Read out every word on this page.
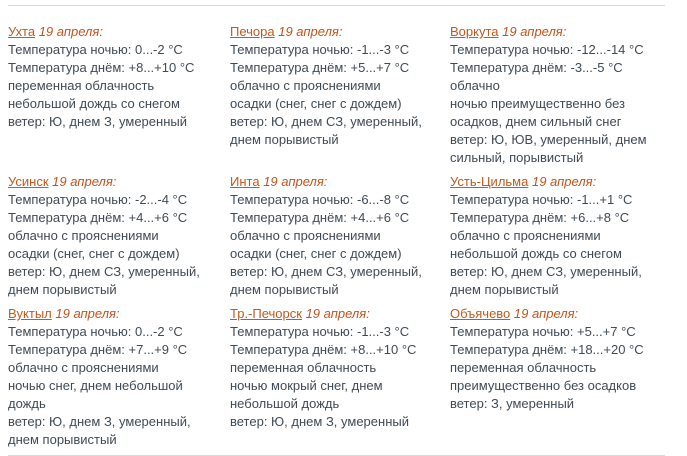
Ухта 19 апреля:
Температура ночью: 0...-2 °C
Температура днём: +8...+10 °C
переменная облачность
небольшой дождь со снегом
ветер: Ю, днем З, умеренный
Печора 19 апреля:
Температура ночью: -1...-3 °C
Температура днём: +5...+7 °C
облачно с прояснениями
осадки (снег, снег с дождем)
ветер: Ю, днем СЗ, умеренный, днем порывистый
Воркута 19 апреля:
Температура ночью: -12...-14 °C
Температура днём: -3...-5 °C
облачно
ночью преимущественно без осадков, днем сильный снег
ветер: Ю, ЮВ, умеренный, днем сильный, порывистый
Усинск 19 апреля:
Температура ночью: -2...-4 °C
Температура днём: +4...+6 °C
облачно с прояснениями
осадки (снег, снег с дождем)
ветер: Ю, днем СЗ, умеренный, днем порывистый
Инта 19 апреля:
Температура ночью: -6...-8 °C
Температура днём: +4...+6 °C
облачно с прояснениями
осадки (снег, снег с дождем)
ветер: Ю, днем СЗ, умеренный, днем порывистый
Усть-Цильма 19 апреля:
Температура ночью: -1...+1 °C
Температура днём: +6...+8 °C
облачно с прояснениями
небольшой дождь со снегом
ветер: Ю, днем СЗ, умеренный, днем порывистый
Вуктыл 19 апреля:
Температура ночью: 0...-2 °C
Температура днём: +7...+9 °C
облачно с прояснениями
ночью снег, днем небольшой дождь
ветер: Ю, днем З, умеренный, днем порывистый
Тр.-Печорск 19 апреля:
Температура ночью: -1...-3 °C
Температура днём: +8...+10 °C
переменная облачность
ночью мокрый снег, днем небольшой дождь
ветер: Ю, днем З, умеренный
Объячево 19 апреля:
Температура ночью: +5...+7 °C
Температура днём: +18...+20 °C
переменная облачность
преимущественно без осадков
ветер: З, умеренный
